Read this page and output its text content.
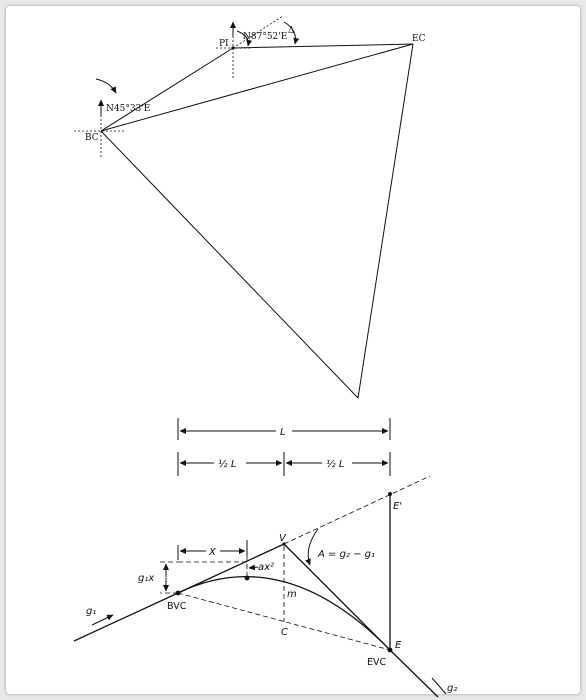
PI	EC
BC
N87°52'E
N45°33'E
Δ
L
½ L	½ L
X
g₁x
ax²
A = g₂ − g₁
g₁
g₂
BVC
EVC
V
C
m
E
E'
